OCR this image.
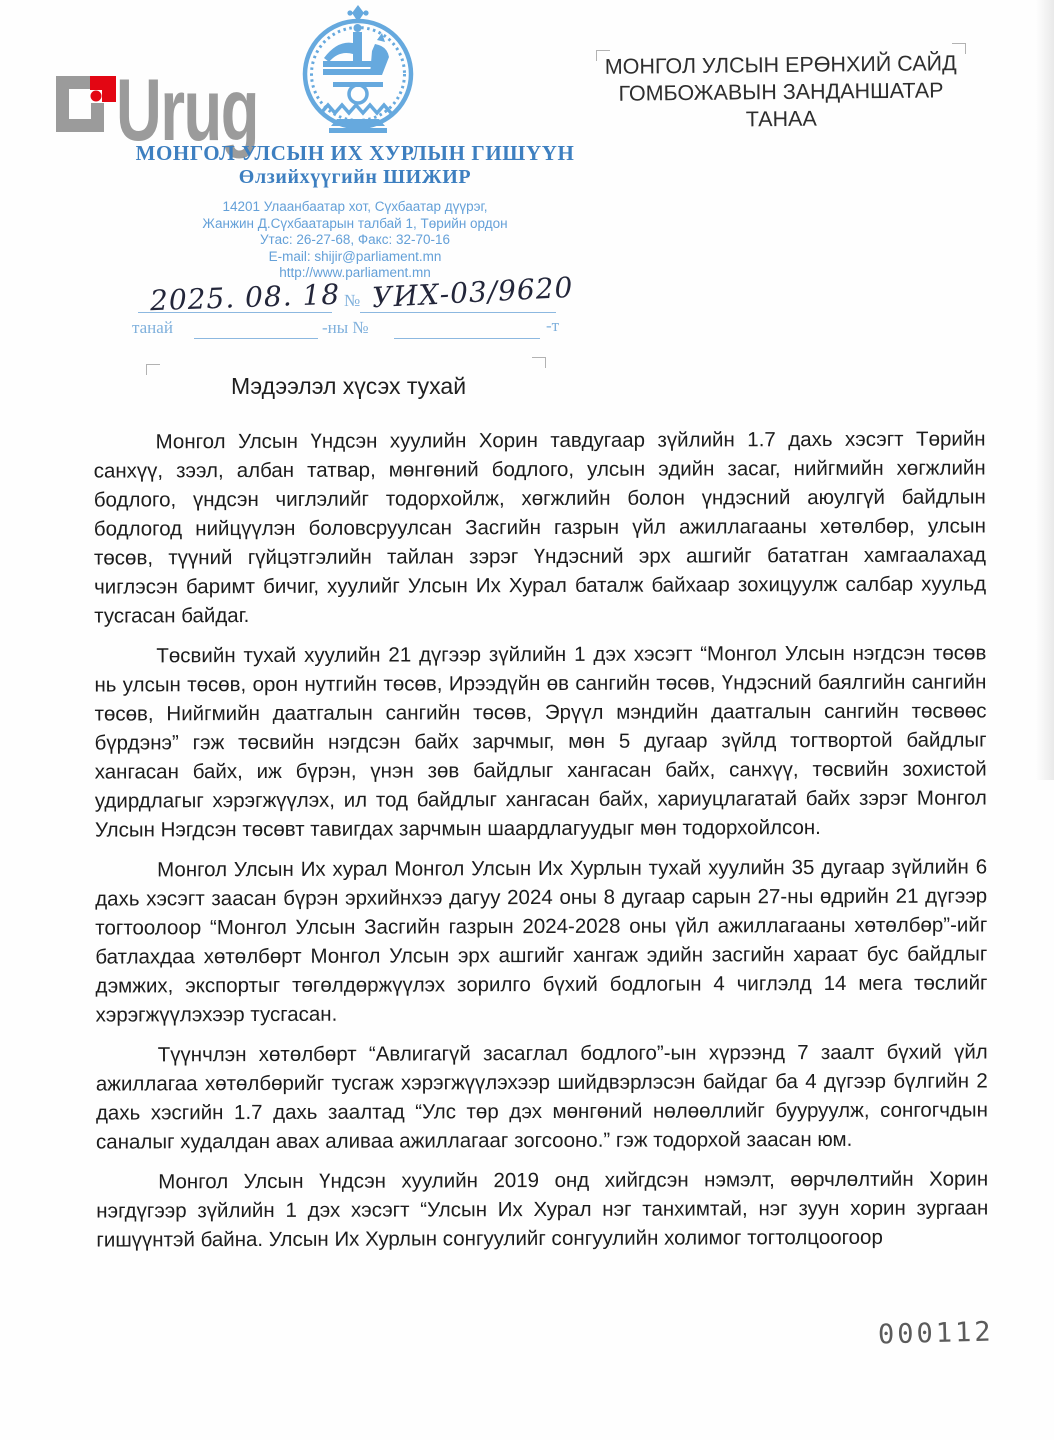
Urug
МОНГОЛ УЛСЫН ИХ ХУРЛЫН ГИШҮҮН
Өлзийхүүгийн ШИЖИР
14201 Улаанбаатар хот, Сүхбаатар дүүрэг,
Жанжин Д.Сүхбаатарын талбай 1, Төрийн ордон
Утас: 26-27-68, Факс: 32-70-16
E-mail: shijir@parliament.mn
http://www.parliament.mn
2025. 08. 18 № УИХ-03/9620
танай	-ны №	-т
МОНГОЛ УЛСЫН ЕРӨНХИЙ САЙД
ГОМБОЖАВЫН ЗАНДАНШАТАР
ТАНАА
Мэдээлэл хүсэх тухай

Монгол Улсын Үндсэн хуулийн Хорин тавдугаар зүйлийн 1.7 дахь хэсэгт Төрийн санхүү, зээл, албан татвар, мөнгөний бодлого, улсын эдийн засаг, нийгмийн хөгжлийн бодлого, үндсэн чиглэлийг тодорхойлж, хөгжлийн болон үндэсний аюулгүй байдлын бодлогод нийцүүлэн боловсруулсан Засгийн газрын үйл ажиллагааны хөтөлбөр, улсын төсөв, түүний гүйцэтгэлийн тайлан зэрэг Үндэсний эрх ашгийг бататган хамгаалахад чиглэсэн баримт бичиг, хуулийг Улсын Их Хурал баталж байхаар зохицуулж салбар хуульд тусгасан байдаг.

Төсвийн тухай хуулийн 21 дүгээр зүйлийн 1 дэх хэсэгт “Монгол Улсын нэгдсэн төсөв нь улсын төсөв, орон нутгийн төсөв, Ирээдүйн өв сангийн төсөв, Үндэсний баялгийн сангийн төсөв, Нийгмийн даатгалын сангийн төсөв, Эрүүл мэндийн даатгалын сангийн төсвөөс бүрдэнэ” гэж төсвийн нэгдсэн байх зарчмыг, мөн 5 дугаар зүйлд тогтвортой байдлыг хангасан байх, иж бүрэн, үнэн зөв байдлыг хангасан байх, санхүү, төсвийн зохистой удирдлагыг хэрэгжүүлэх, ил тод байдлыг хангасан байх, хариуцлагатай байх зэрэг Монгол Улсын Нэгдсэн төсөвт тавигдах зарчмын шаардлагуудыг мөн тодорхойлсон.

Монгол Улсын Их хурал Монгол Улсын Их Хурлын тухай хуулийн 35 дугаар зүйлийн 6 дахь хэсэгт заасан бүрэн эрхийнхээ дагуу 2024 оны 8 дугаар сарын 27-ны өдрийн 21 дүгээр тогтоолоор “Монгол Улсын Засгийн газрын 2024-2028 оны үйл ажиллагааны хөтөлбөр”-ийг батлахдаа хөтөлбөрт Монгол Улсын эрх ашгийг хангаж эдийн засгийн хараат бус байдлыг дэмжих, экспортыг төгөлдөржүүлэх зорилго бүхий бодлогын 4 чиглэлд 14 мега төслийг хэрэгжүүлэхээр тусгасан.

Түүнчлэн хөтөлбөрт “Авлигагүй засаглал бодлого”-ын хүрээнд 7 заалт бүхий үйл ажиллагаа хөтөлбөрийг тусгаж хэрэгжүүлэхээр шийдвэрлэсэн байдаг ба 4 дүгээр бүлгийн 2 дахь хэсгийн 1.7 дахь заалтад “Улс төр дэх мөнгөний нөлөөллийг бууруулж, сонгогчдын саналыг худалдан авах аливаа ажиллагааг зогсооно.” гэж тодорхой заасан юм.

Монгол Улсын Үндсэн хуулийн 2019 онд хийгдсэн нэмэлт, өөрчлөлтийн Хорин нэгдүгээр зүйлийн 1 дэх хэсэгт “Улсын Их Хурал нэг танхимтай, нэг зуун хорин зургаан гишүүнтэй байна. Улсын Их Хурлын сонгуулийг сонгуулийн холимог тогтолцоогоор

000112
